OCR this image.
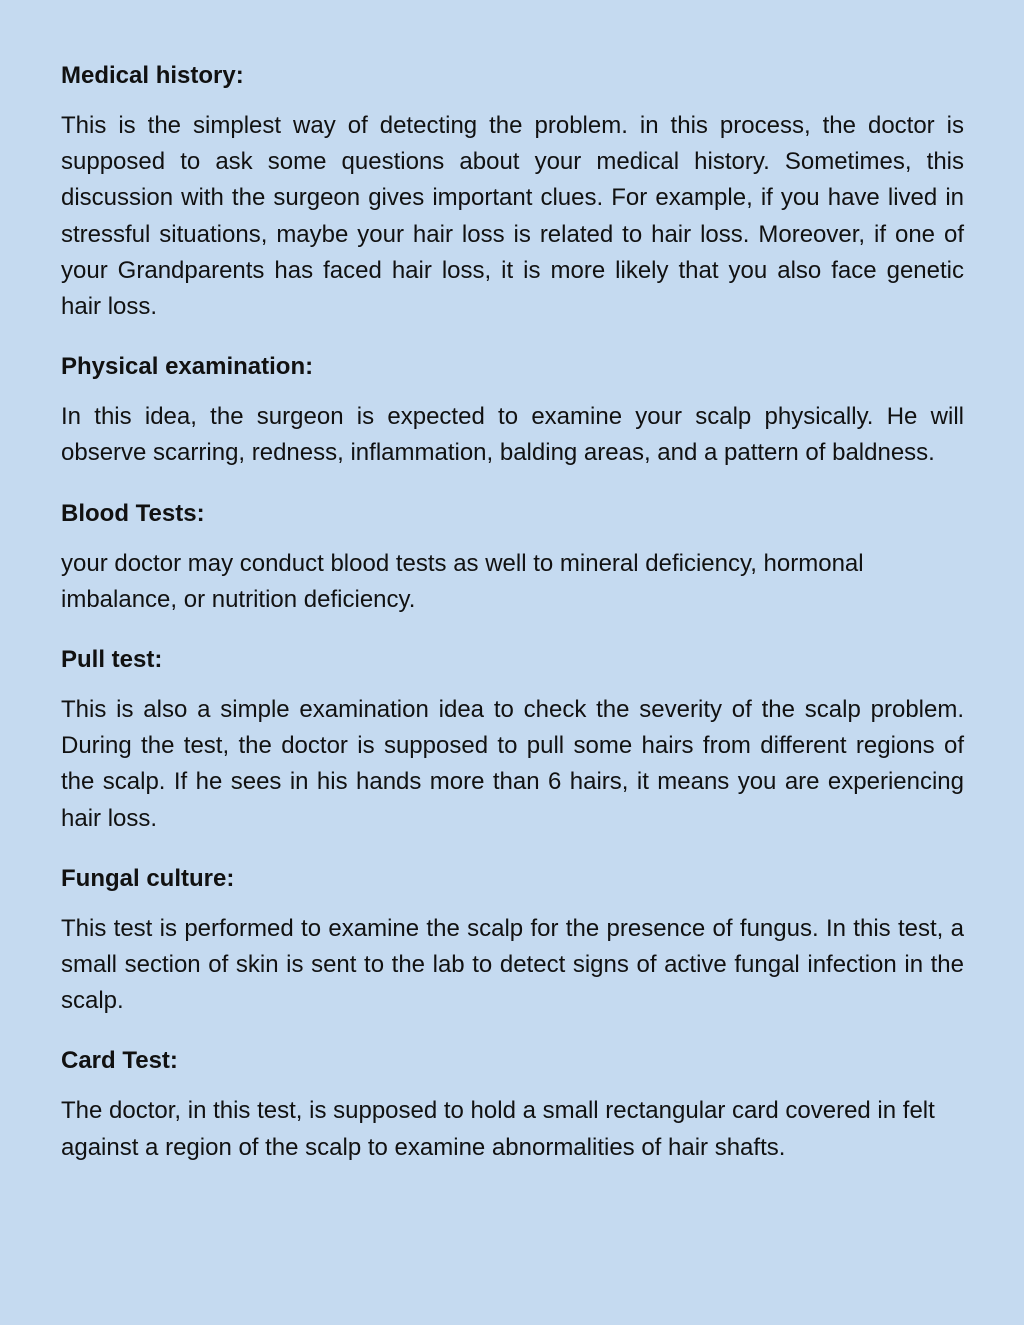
Medical history:

This is the simplest way of detecting the problem. in this process, the doctor is supposed to ask some questions about your medical history. Sometimes, this discussion with the surgeon gives important clues. For example, if you have lived in stressful situations, maybe your hair loss is related to hair loss. Moreover, if one of your Grandparents has faced hair loss, it is more likely that you also face genetic hair loss.

Physical examination:

In this idea, the surgeon is expected to examine your scalp physically. He will observe scarring, redness, inflammation, balding areas, and a pattern of baldness.

Blood Tests:

your doctor may conduct blood tests as well to mineral deficiency, hormonal imbalance, or nutrition deficiency.

Pull test:

This is also a simple examination idea to check the severity of the scalp problem. During the test, the doctor is supposed to pull some hairs from different regions of the scalp. If he sees in his hands more than 6 hairs, it means you are experiencing hair loss.

Fungal culture:

This test is performed to examine the scalp for the presence of fungus. In this test, a small section of skin is sent to the lab to detect signs of active fungal infection in the scalp.

Card Test:

The doctor, in this test, is supposed to hold a small rectangular card covered in felt against a region of the scalp to examine abnormalities of hair shafts.
